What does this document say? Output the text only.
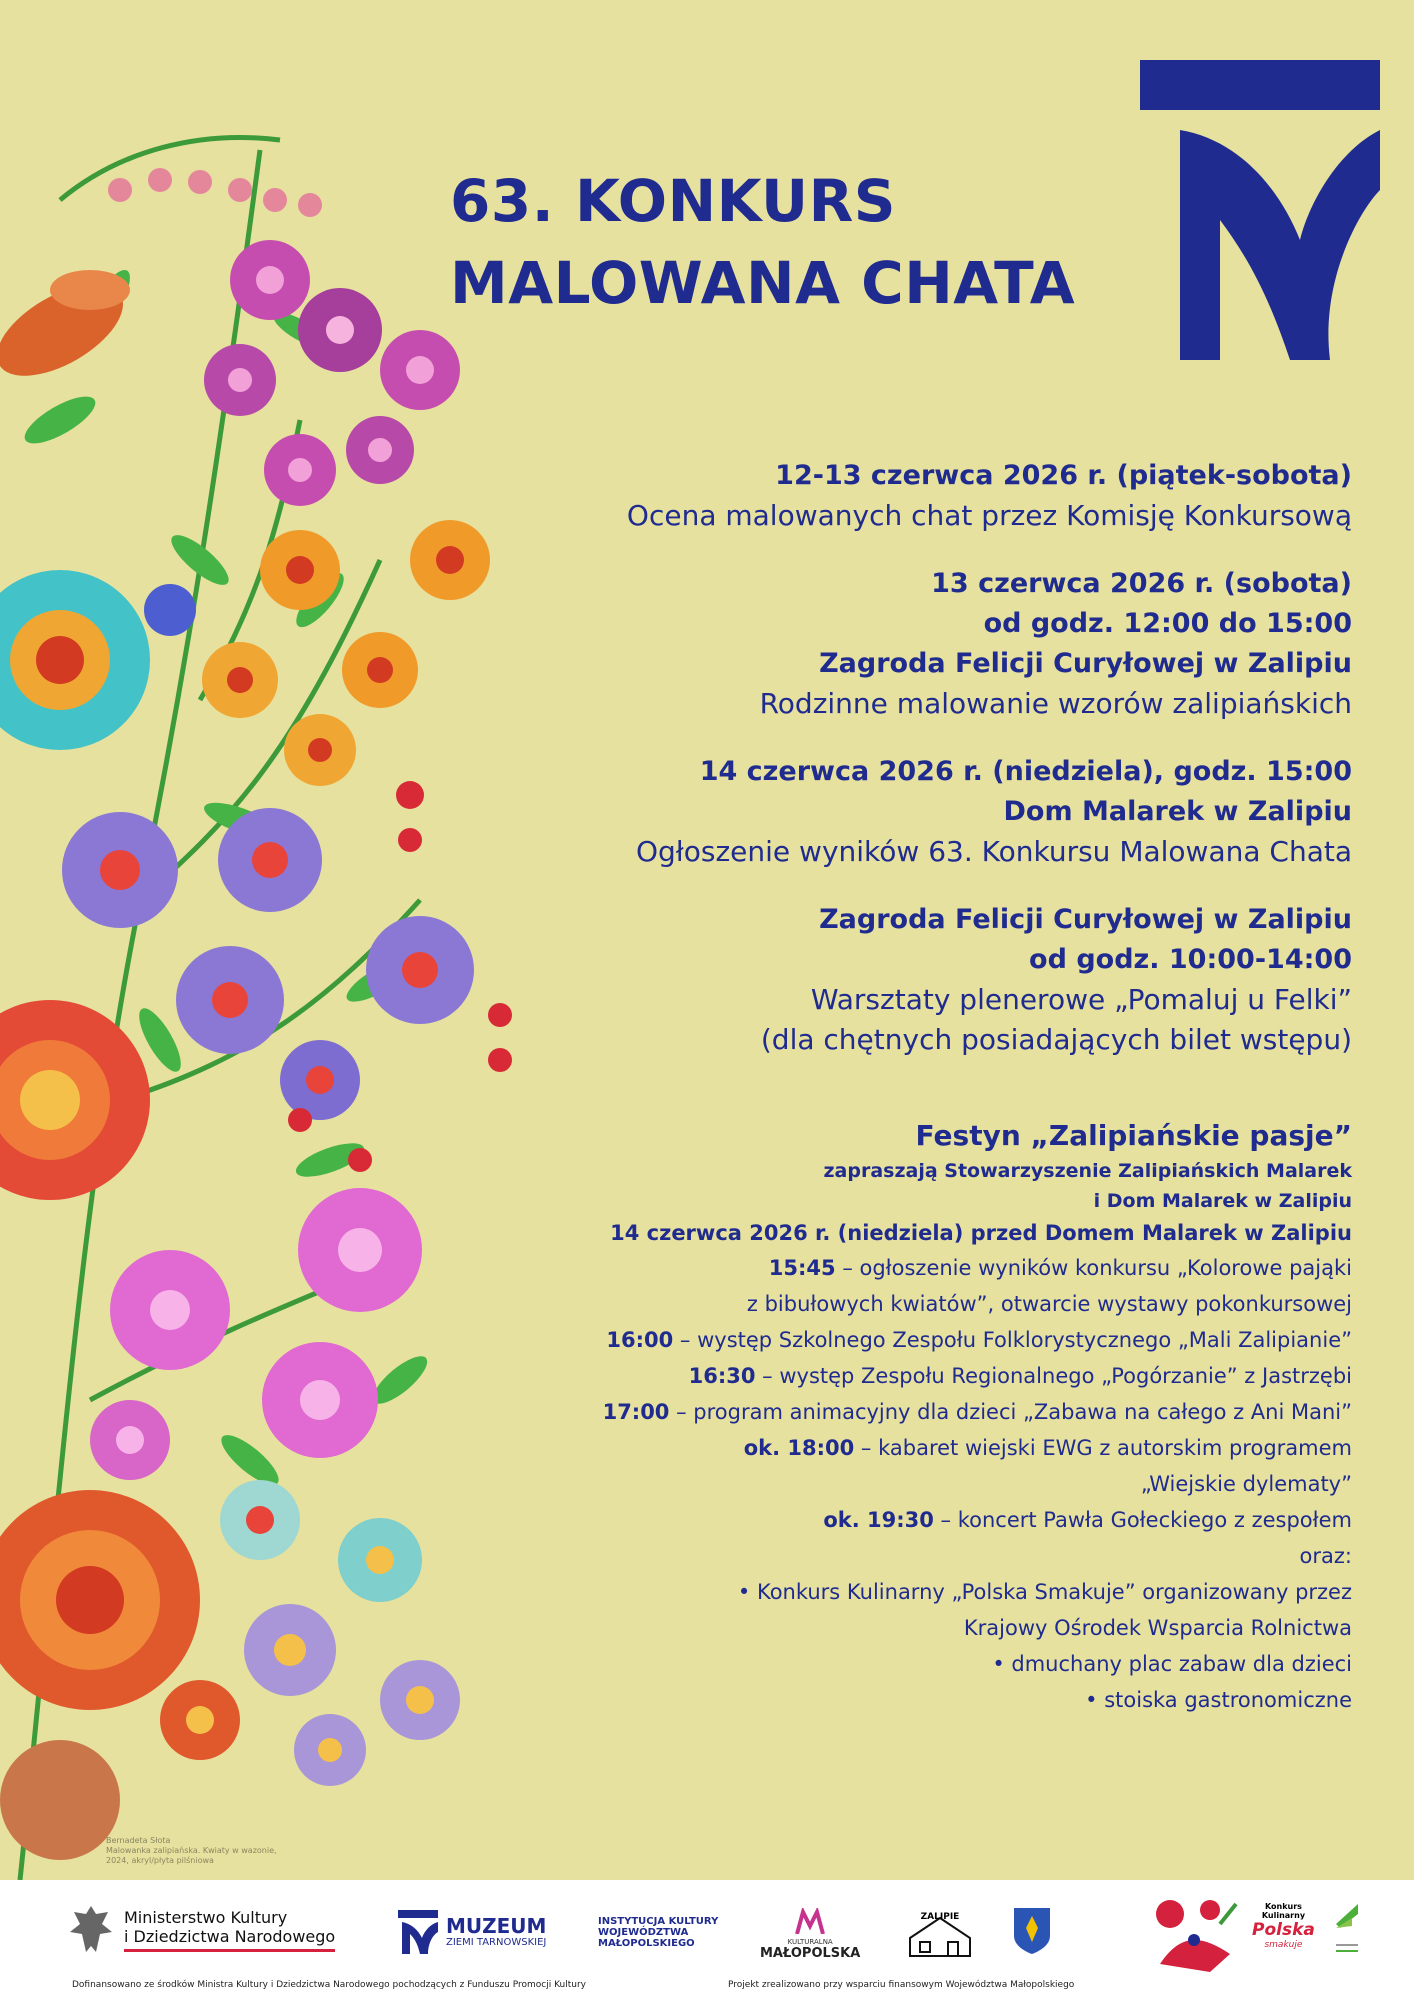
63. KONKURS
MALOWANA CHATA
12-13 czerwca 2026 r. (piątek-sobota)
Ocena malowanych chat przez Komisję Konkursową
13 czerwca 2026 r. (sobota)
od godz. 12:00 do 15:00
Zagroda Felicji Curyłowej w Zalipiu
Rodzinne malowanie wzorów zalipiańskich
14 czerwca 2026 r. (niedziela), godz. 15:00
Dom Malarek w Zalipiu
Ogłoszenie wyników 63. Konkursu Malowana Chata
Zagroda Felicji Curyłowej w Zalipiu
od godz. 10:00-14:00
Warsztaty plenerowe „Pomaluj u Felki”
(dla chętnych posiadających bilet wstępu)
Festyn „Zalipiańskie pasje”
zapraszają Stowarzyszenie Zalipiańskich Malarek
i Dom Malarek w Zalipiu
14 czerwca 2026 r. (niedziela) przed Domem Malarek w Zalipiu
15:45 – ogłoszenie wyników konkursu „Kolorowe pająki
z bibułowych kwiatów”, otwarcie wystawy pokonkursowej
16:00 – występ Szkolnego Zespołu Folklorystycznego „Mali Zalipianie”
16:30 – występ Zespołu Regionalnego „Pogórzanie” z Jastrzębi
17:00 – program animacyjny dla dzieci „Zabawa na całego z Ani Mani”
ok. 18:00 – kabaret wiejski EWG z autorskim programem
„Wiejskie dylematy”
ok. 19:30 – koncert Pawła Gołeckiego z zespołem
oraz:
• Konkurs Kulinarny „Polska Smakuje” organizowany przez
Krajowy Ośrodek Wsparcia Rolnictwa
• dmuchany plac zabaw dla dzieci
• stoiska gastronomiczne
Bernadeta Słota
Malowanka zalipiańska. Kwiaty w wazonie,
2024, akryl/płyta pilśniowa
Ministerstwo Kultury
i Dziedzictwa Narodowego	MUZEUM
ZIEMI TARNOWSKIEJ
INSTYTUCJA KULTURY
WOJEWÓDZTWA
MAŁOPOLSKIEGO	KULTURALNA
MAŁOPOLSKA
ZALIPIE
Konkurs
Kulinarny
Polska
smakuje
Dofinansowano ze środków Ministra Kultury i Dziedzictwa Narodowego pochodzących z Funduszu Promocji Kultury	Projekt zrealizowano przy wsparciu finansowym Województwa Małopolskiego
